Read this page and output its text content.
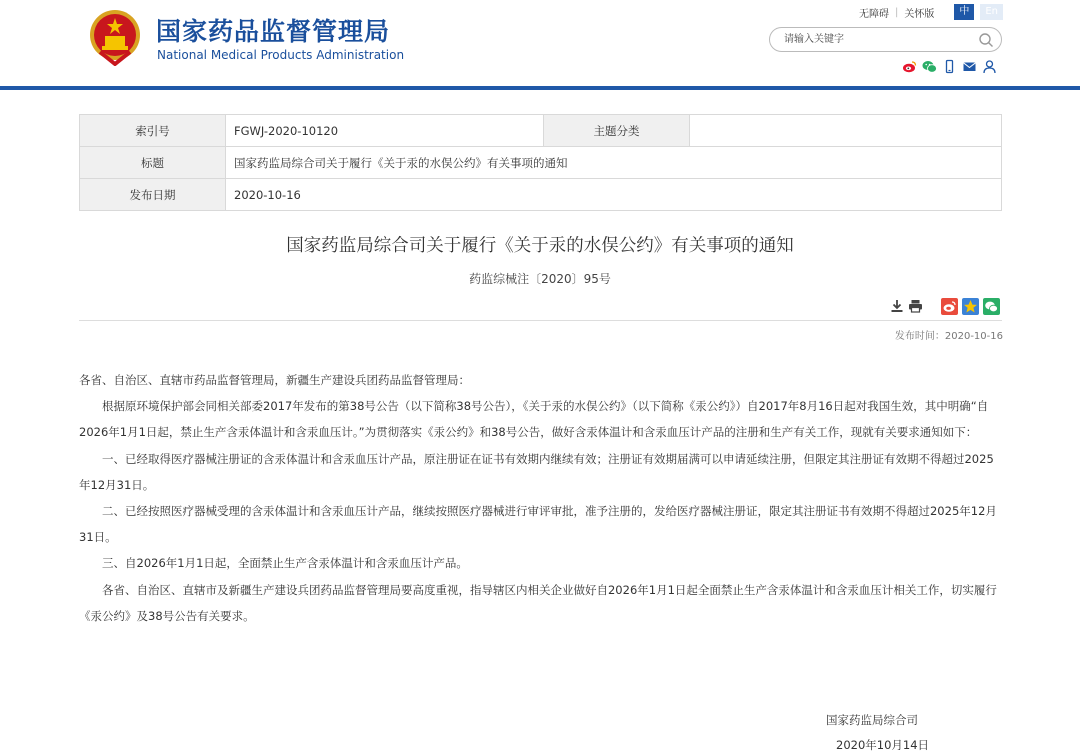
国家药品监督管理局
National Medical Products Administration
无障碍 | 关怀版	中	En
请输入关键字
索引号	FGWJ-2020-10120	主题分类	
标题	国家药监局综合司关于履行《关于汞的水俣公约》有关事项的通知		
发布日期	2020-10-16		
国家药监局综合司关于履行《关于汞的水俣公约》有关事项的通知
药监综械注〔2020〕95号
发布时间：2020-10-16

各省、自治区、直辖市药品监督管理局，新疆生产建设兵团药品监督管理局：

根据原环境保护部会同相关部委2017年发布的第38号公告（以下简称38号公告），《关于汞的水俣公约》（以下简称《汞公约》）自2017年8月16日起对我国生效，其中明确“自2026年1月1日起，禁止生产含汞体温计和含汞血压计。”为贯彻落实《汞公约》和38号公告，做好含汞体温计和含汞血压计产品的注册和生产有关工作，现就有关要求通知如下：

一、已经取得医疗器械注册证的含汞体温计和含汞血压计产品，原注册证在证书有效期内继续有效；注册证有效期届满可以申请延续注册，但限定其注册证有效期不得超过2025年12月31日。

二、已经按照医疗器械受理的含汞体温计和含汞血压计产品，继续按照医疗器械进行审评审批，准予注册的，发给医疗器械注册证，限定其注册证书有效期不得超过2025年12月31日。

三、自2026年1月1日起，全面禁止生产含汞体温计和含汞血压计产品。

各省、自治区、直辖市及新疆生产建设兵团药品监督管理局要高度重视，指导辖区内相关企业做好自2026年1月1日起全面禁止生产含汞体温计和含汞血压计相关工作，切实履行《汞公约》及38号公告有关要求。

国家药监局综合司
2020年10月14日
